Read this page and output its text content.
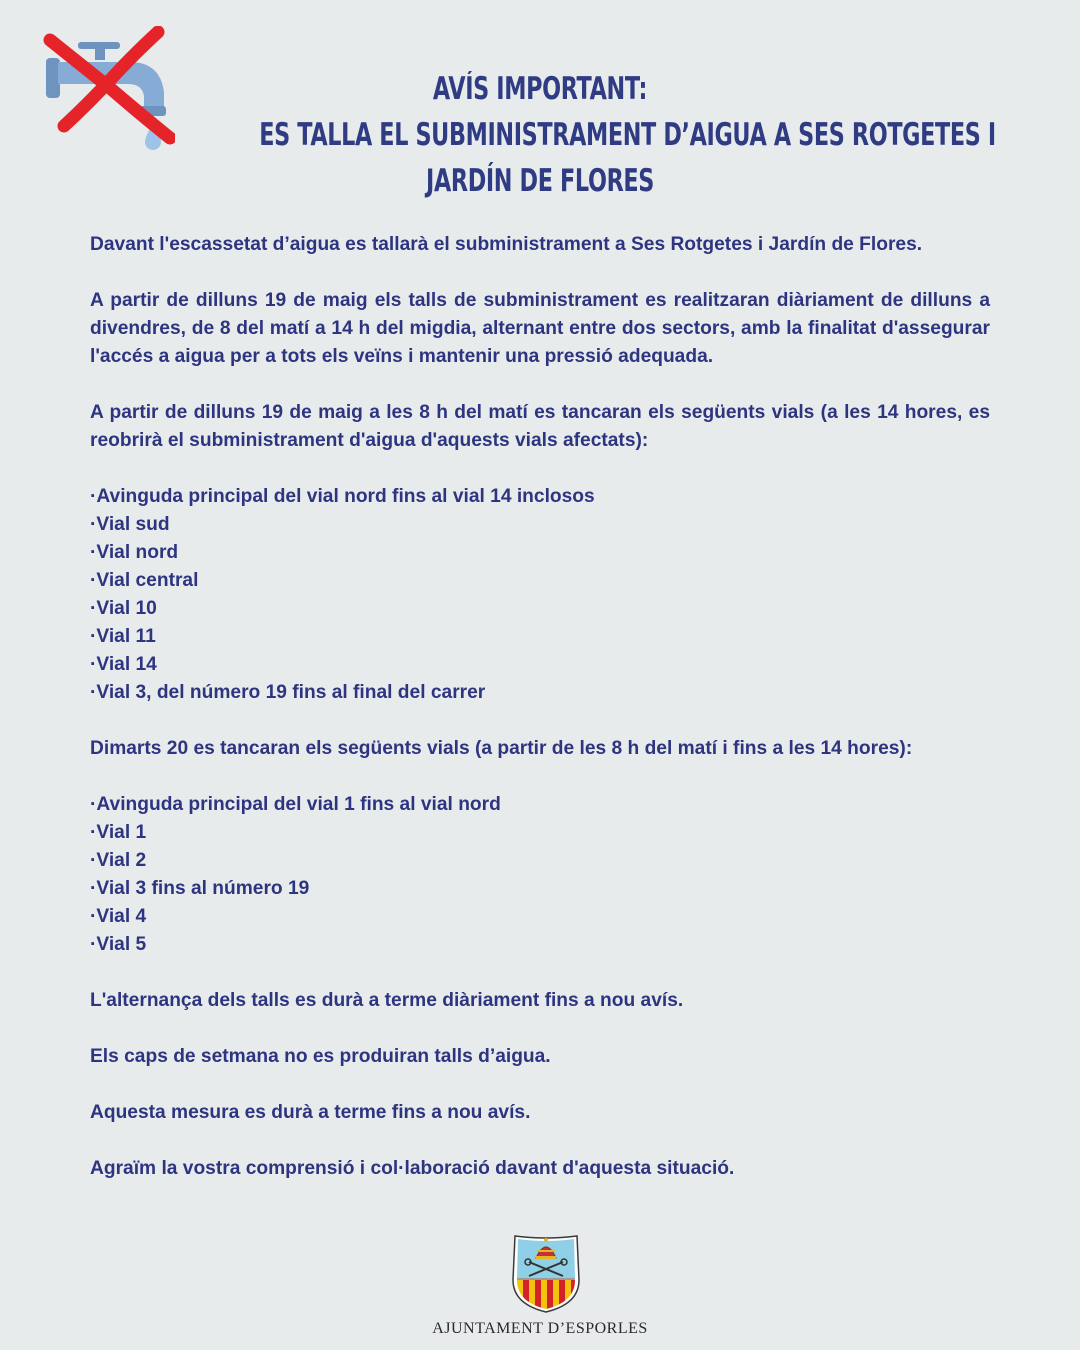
AVÍS IMPORTANT:
ES TALLA EL SUBMINISTRAMENT D’AIGUA A SES ROTGETES I
JARDÍN DE FLORES

Davant l'escassetat d’aigua es tallarà el subministrament a Ses Rotgetes i Jardín de Flores.

A partir de dilluns 19 de maig els talls de subministrament es realitzaran diàriament de dilluns a divendres, de 8 del matí a 14 h del migdia, alternant entre dos sectors, amb la finalitat d'assegurar l'accés a aigua per a tots els veïns i mantenir una pressió adequada.

A partir de dilluns 19 de maig a les 8 h del matí es tancaran els següents vials (a les 14 hores, es reobrirà el subministrament d'aigua d'aquests vials afectats):

·Avinguda principal del vial nord fins al vial 14 inclosos
·Vial sud
·Vial nord
·Vial central
·Vial 10
·Vial 11
·Vial 14
·Vial 3, del número 19 fins al final del carrer

Dimarts 20 es tancaran els següents vials (a partir de les 8 h del matí i fins a les 14 hores):

·Avinguda principal del vial 1 fins al vial nord
·Vial 1
·Vial 2
·Vial 3 fins al número 19
·Vial 4
·Vial 5

L'alternança dels talls es durà a terme diàriament fins a nou avís.

Els caps de setmana no es produiran talls d’aigua.

Aquesta mesura es durà a terme fins a nou avís.

Agraïm la vostra comprensió i col·laboració davant d'aquesta situació.

AJUNTAMENT D’ESPORLES
